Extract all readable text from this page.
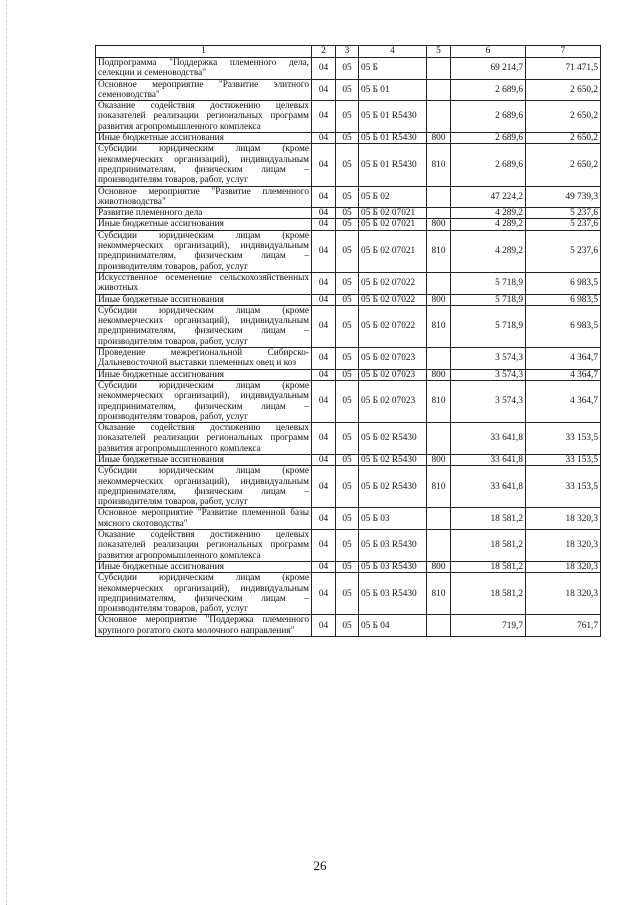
1	2	3	4	5	6	7
Подпрограмма "Поддержка племенного дела, селекции и семеноводства"	04	05	05 Б		69 214,7	71 471,5
Основное мероприятие "Развитие элитного семеноводства"	04	05	05 Б 01		2 689,6	2 650,2
Оказание содействия достижению целевых показателей реализации региональных программ развития агропромышленного комплекса	04	05	05 Б 01 R5430		2 689,6	2 650,2
Иные бюджетные ассигнования	04	05	05 Б 01 R5430	800	2 689,6	2 650,2
Субсидии юридическим лицам (кроме некоммерческих организаций), индивидуальным предпринимателям, физическим лицам – производителям товаров, работ, услуг	04	05	05 Б 01 R5430	810	2 689,6	2 650,2
Основное мероприятие "Развитие племенного животноводства"	04	05	05 Б 02		47 224,2	49 739,3
Развитие племенного дела	04	05	05 Б 02 07021		4 289,2	5 237,6
Иные бюджетные ассигнования	04	05	05 Б 02 07021	800	4 289,2	5 237,6
Субсидии юридическим лицам (кроме некоммерческих организаций), индивидуальным предпринимателям, физическим лицам – производителям товаров, работ, услуг	04	05	05 Б 02 07021	810	4 289,2	5 237,6
Искусственное осеменение сельскохозяйственных животных	04	05	05 Б 02 07022		5 718,9	6 983,5
Иные бюджетные ассигнования	04	05	05 Б 02 07022	800	5 718,9	6 983,5
Субсидии юридическим лицам (кроме некоммерческих организаций), индивидуальным предпринимателям, физическим лицам – производителям товаров, работ, услуг	04	05	05 Б 02 07022	810	5 718,9	6 983,5
Проведение межрегиональной Сибирско-Дальневосточной выставки племенных овец и коз	04	05	05 Б 02 07023		3 574,3	4 364,7
Иные бюджетные ассигнования	04	05	05 Б 02 07023	800	3 574,3	4 364,7
Субсидии юридическим лицам (кроме некоммерческих организаций), индивидуальным предпринимателям, физическим лицам – производителям товаров, работ, услуг	04	05	05 Б 02 07023	810	3 574,3	4 364,7
Оказание содействия достижению целевых показателей реализации региональных программ развития агропромышленного комплекса	04	05	05 Б 02 R5430		33 641,8	33 153,5
Иные бюджетные ассигнования	04	05	05 Б 02 R5430	800	33 641,8	33 153,5
Субсидии юридическим лицам (кроме некоммерческих организаций), индивидуальным предпринимателям, физическим лицам – производителям товаров, работ, услуг	04	05	05 Б 02 R5430	810	33 641,8	33 153,5
Основное мероприятие "Развитие племенной базы мясного скотоводства"	04	05	05 Б 03		18 581,2	18 320,3
Оказание содействия достижению целевых показателей реализации региональных программ развития агропромышленного комплекса	04	05	05 Б 03 R5430		18 581,2	18 320,3
Иные бюджетные ассигнования	04	05	05 Б 03 R5430	800	18 581,2	18 320,3
Субсидии юридическим лицам (кроме некоммерческих организаций), индивидуальным предпринимателям, физическим лицам – производителям товаров, работ, услуг	04	05	05 Б 03 R5430	810	18 581,2	18 320,3
Основное мероприятие "Поддержка племенного крупного рогатого скота молочного направления"	04	05	05 Б 04		719,7	761,7
26
